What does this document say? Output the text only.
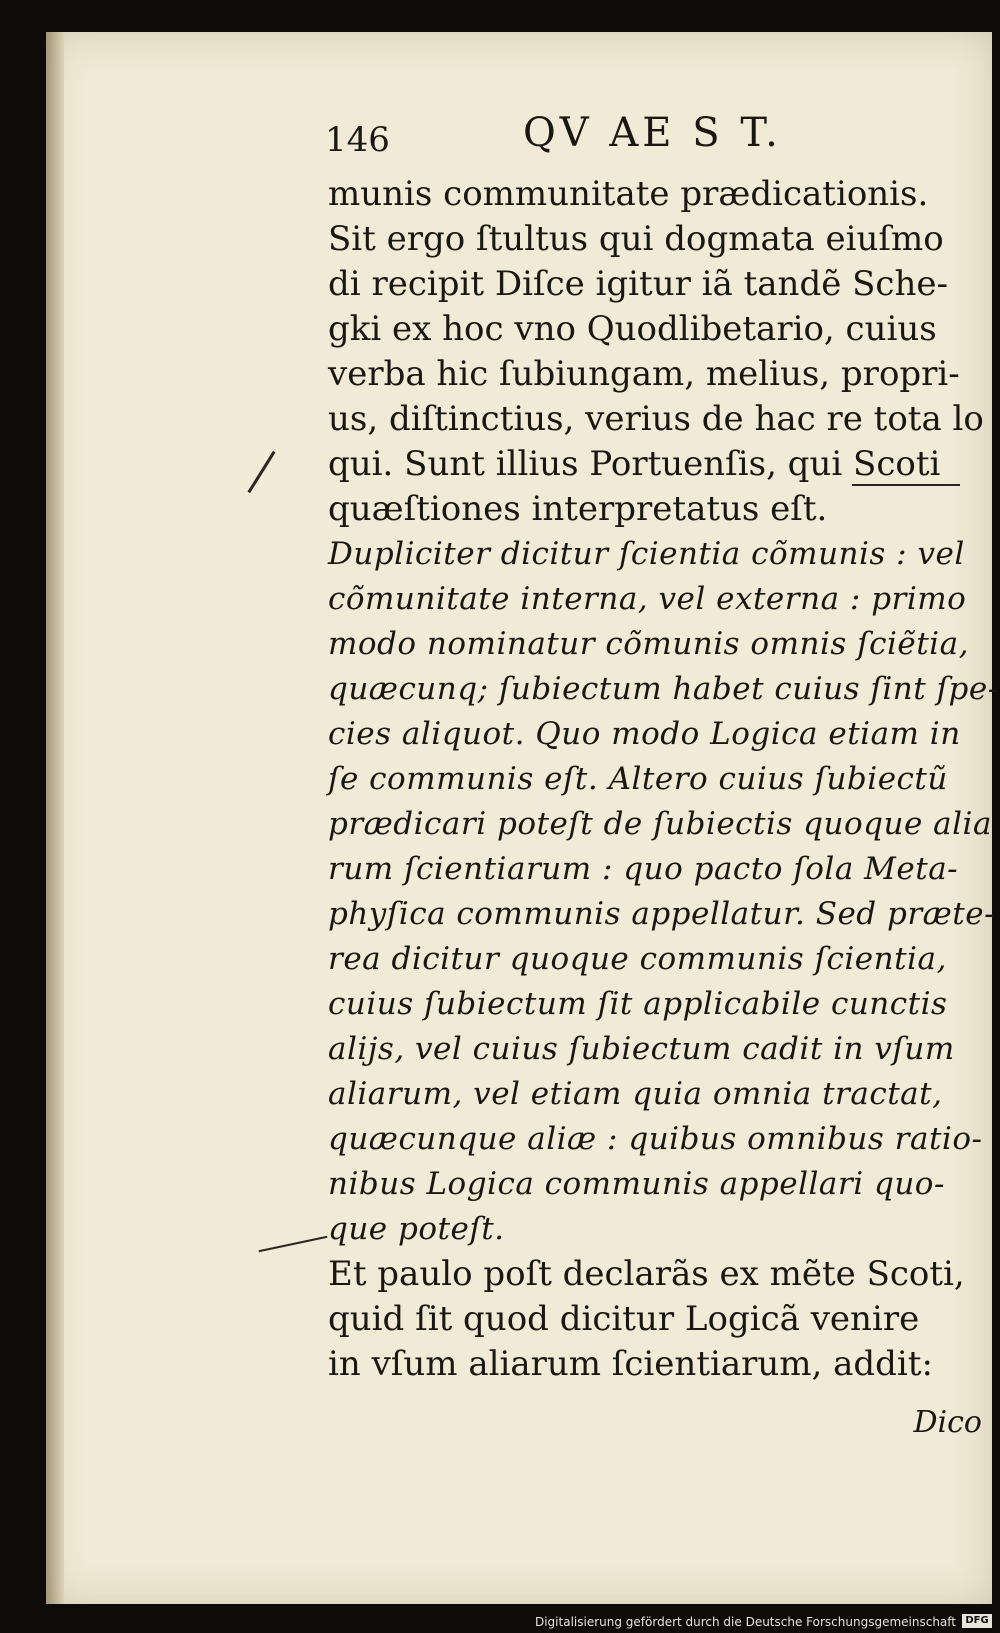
146	QV AE S T.
munis communitate prædicationis.
Sit ergo ſtultus qui dogmata eiuſmo
di recipit Diſce igitur iã tandẽ Sche-
gki ex hoc vno Quodlibetario, cuius
verba hic ſubiungam, melius, propri-
us, diſtinctius, verius de hac re tota lo
qui. Sunt illius Portuenſis, qui Scoti
quæſtiones interpretatus eſt.
Dupliciter dicitur ſcientia cõmunis : vel
cõmunitate interna, vel externa : primo
modo nominatur cõmunis omnis ſciẽtia,
quæcunq; ſubiectum habet cuius ſint ſpe-
cies aliquot. Quo modo Logica etiam in
ſe communis eſt. Altero cuius ſubiectũ
prædicari poteſt de ſubiectis quoque alia
rum ſcientiarum : quo pacto ſola Meta-
phyſica communis appellatur. Sed præte-
rea dicitur quoque communis ſcientia,
cuius ſubiectum ſit applicabile cunctis
alijs, vel cuius ſubiectum cadit in vſum
aliarum, vel etiam quia omnia tractat,
quæcunque aliæ : quibus omnibus ratio-
nibus Logica communis appellari quo-
que poteſt.
Et paulo poſt declarãs ex mẽte Scoti,
quid ſit quod dicitur Logicã venire
in vſum aliarum ſcientiarum, addit:
Dico
Digitalisierung gefördert durch die Deutsche Forschungsgemeinschaft DFG
